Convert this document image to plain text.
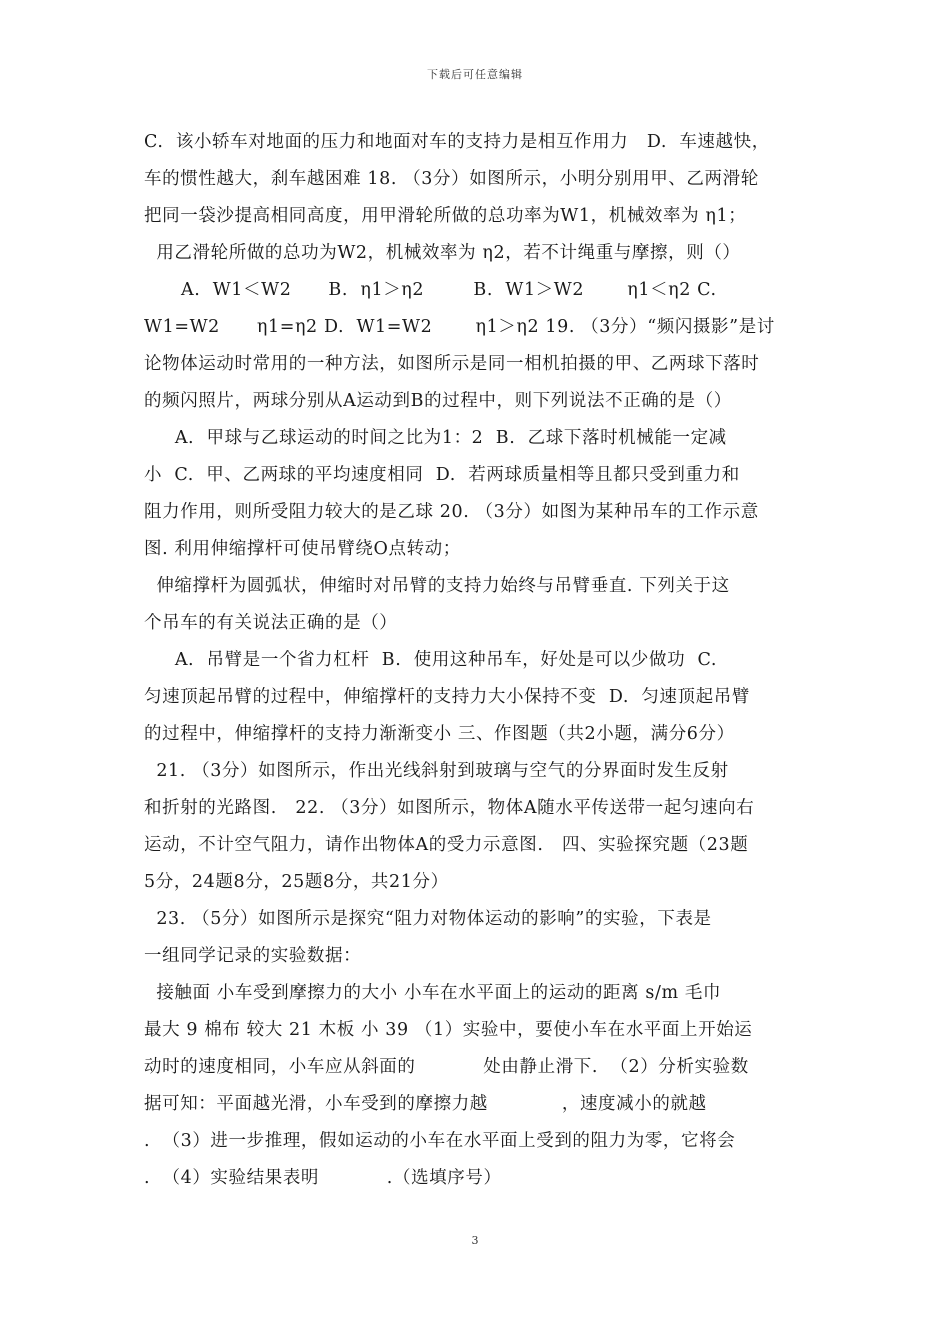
下载后可任意编辑
C.  该小轿车对地面的压力和地面对车的支持力是相互作用力   D.  车速越快，
车的惯性越大，刹车越困难 18. （3分）如图所示，小明分别用甲、乙两滑轮
把同一袋沙提高相同高度，用甲滑轮所做的总功率为W1，机械效率为 η1；
用乙滑轮所做的总功为W2，机械效率为 η2，若不计绳重与摩擦，则（）
A.  W1＜W2      B.  η1＞η2        B.  W1＞W2       η1＜η2 C.
W1=W2      η1=η2 D.  W1=W2       η1＞η2 19. （3分）“频闪摄影”是讨
论物体运动时常用的一种方法，如图所示是同一相机拍摄的甲、乙两球下落时
的频闪照片，两球分别从A运动到B的过程中，则下列说法不正确的是（）
A.  甲球与乙球运动的时间之比为1：2  B.  乙球下落时机械能一定减
小  C.  甲、乙两球的平均速度相同  D.  若两球质量相等且都只受到重力和
阻力作用，则所受阻力较大的是乙球 20. （3分）如图为某种吊车的工作示意
图. 利用伸缩撑杆可使吊臂绕O点转动；
伸缩撑杆为圆弧状，伸缩时对吊臂的支持力始终与吊臂垂直. 下列关于这
个吊车的有关说法正确的是（）
A.  吊臂是一个省力杠杆  B.  使用这种吊车，好处是可以少做功  C.
匀速顶起吊臂的过程中，伸缩撑杆的支持力大小保持不变  D.  匀速顶起吊臂
的过程中，伸缩撑杆的支持力渐渐变小 三、作图题（共2小题，满分6分）
21. （3分）如图所示，作出光线斜射到玻璃与空气的分界面时发生反射
和折射的光路图.   22. （3分）如图所示，物体A随水平传送带一起匀速向右
运动，不计空气阻力，请作出物体A的受力示意图.   四、实验探究题（23题
5分，24题8分，25题8分，共21分）
23. （5分）如图所示是探究“阻力对物体运动的影响”的实验，下表是
一组同学记录的实验数据：
接触面 小车受到摩擦力的大小 小车在水平面上的运动的距离 s/m 毛巾
最大 9 棉布 较大 21 木板 小 39 （1）实验中，要使小车在水平面上开始运
动时的速度相同，小车应从斜面的           处由静止滑下.  （2）分析实验数
据可知：平面越光滑，小车受到的摩擦力越            ，速度减小的就越
.  （3）进一步推理，假如运动的小车在水平面上受到的阻力为零，它将会
.  （4）实验结果表明           .（选填序号）
3
